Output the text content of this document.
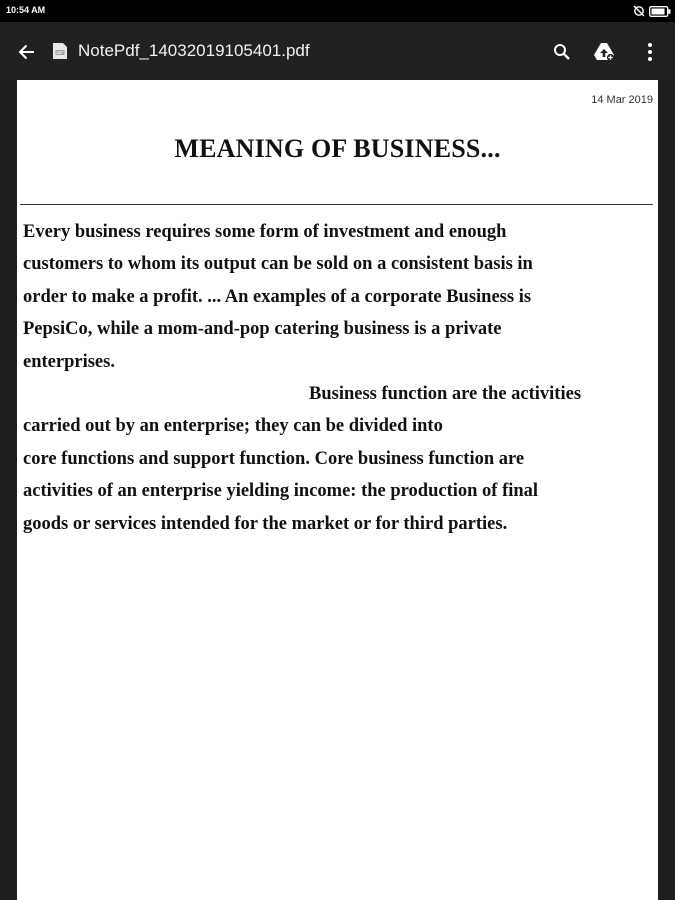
10:54 AM
NotePdf_14032019105401.pdf
14 Mar 2019
MEANING OF BUSINESS...
Every business requires some form of investment and enough
customers to whom its output can be sold on a consistent basis in
order to make a profit. ... An examples of a corporate Business is
PepsiCo, while a mom-and-pop catering business is a private
enterprises.
Business function are the activities
carried out by an enterprise; they can be divided into
core functions and support function. Core business function are
activities of an enterprise yielding income: the production of final
goods or services intended for the market or for third parties.
